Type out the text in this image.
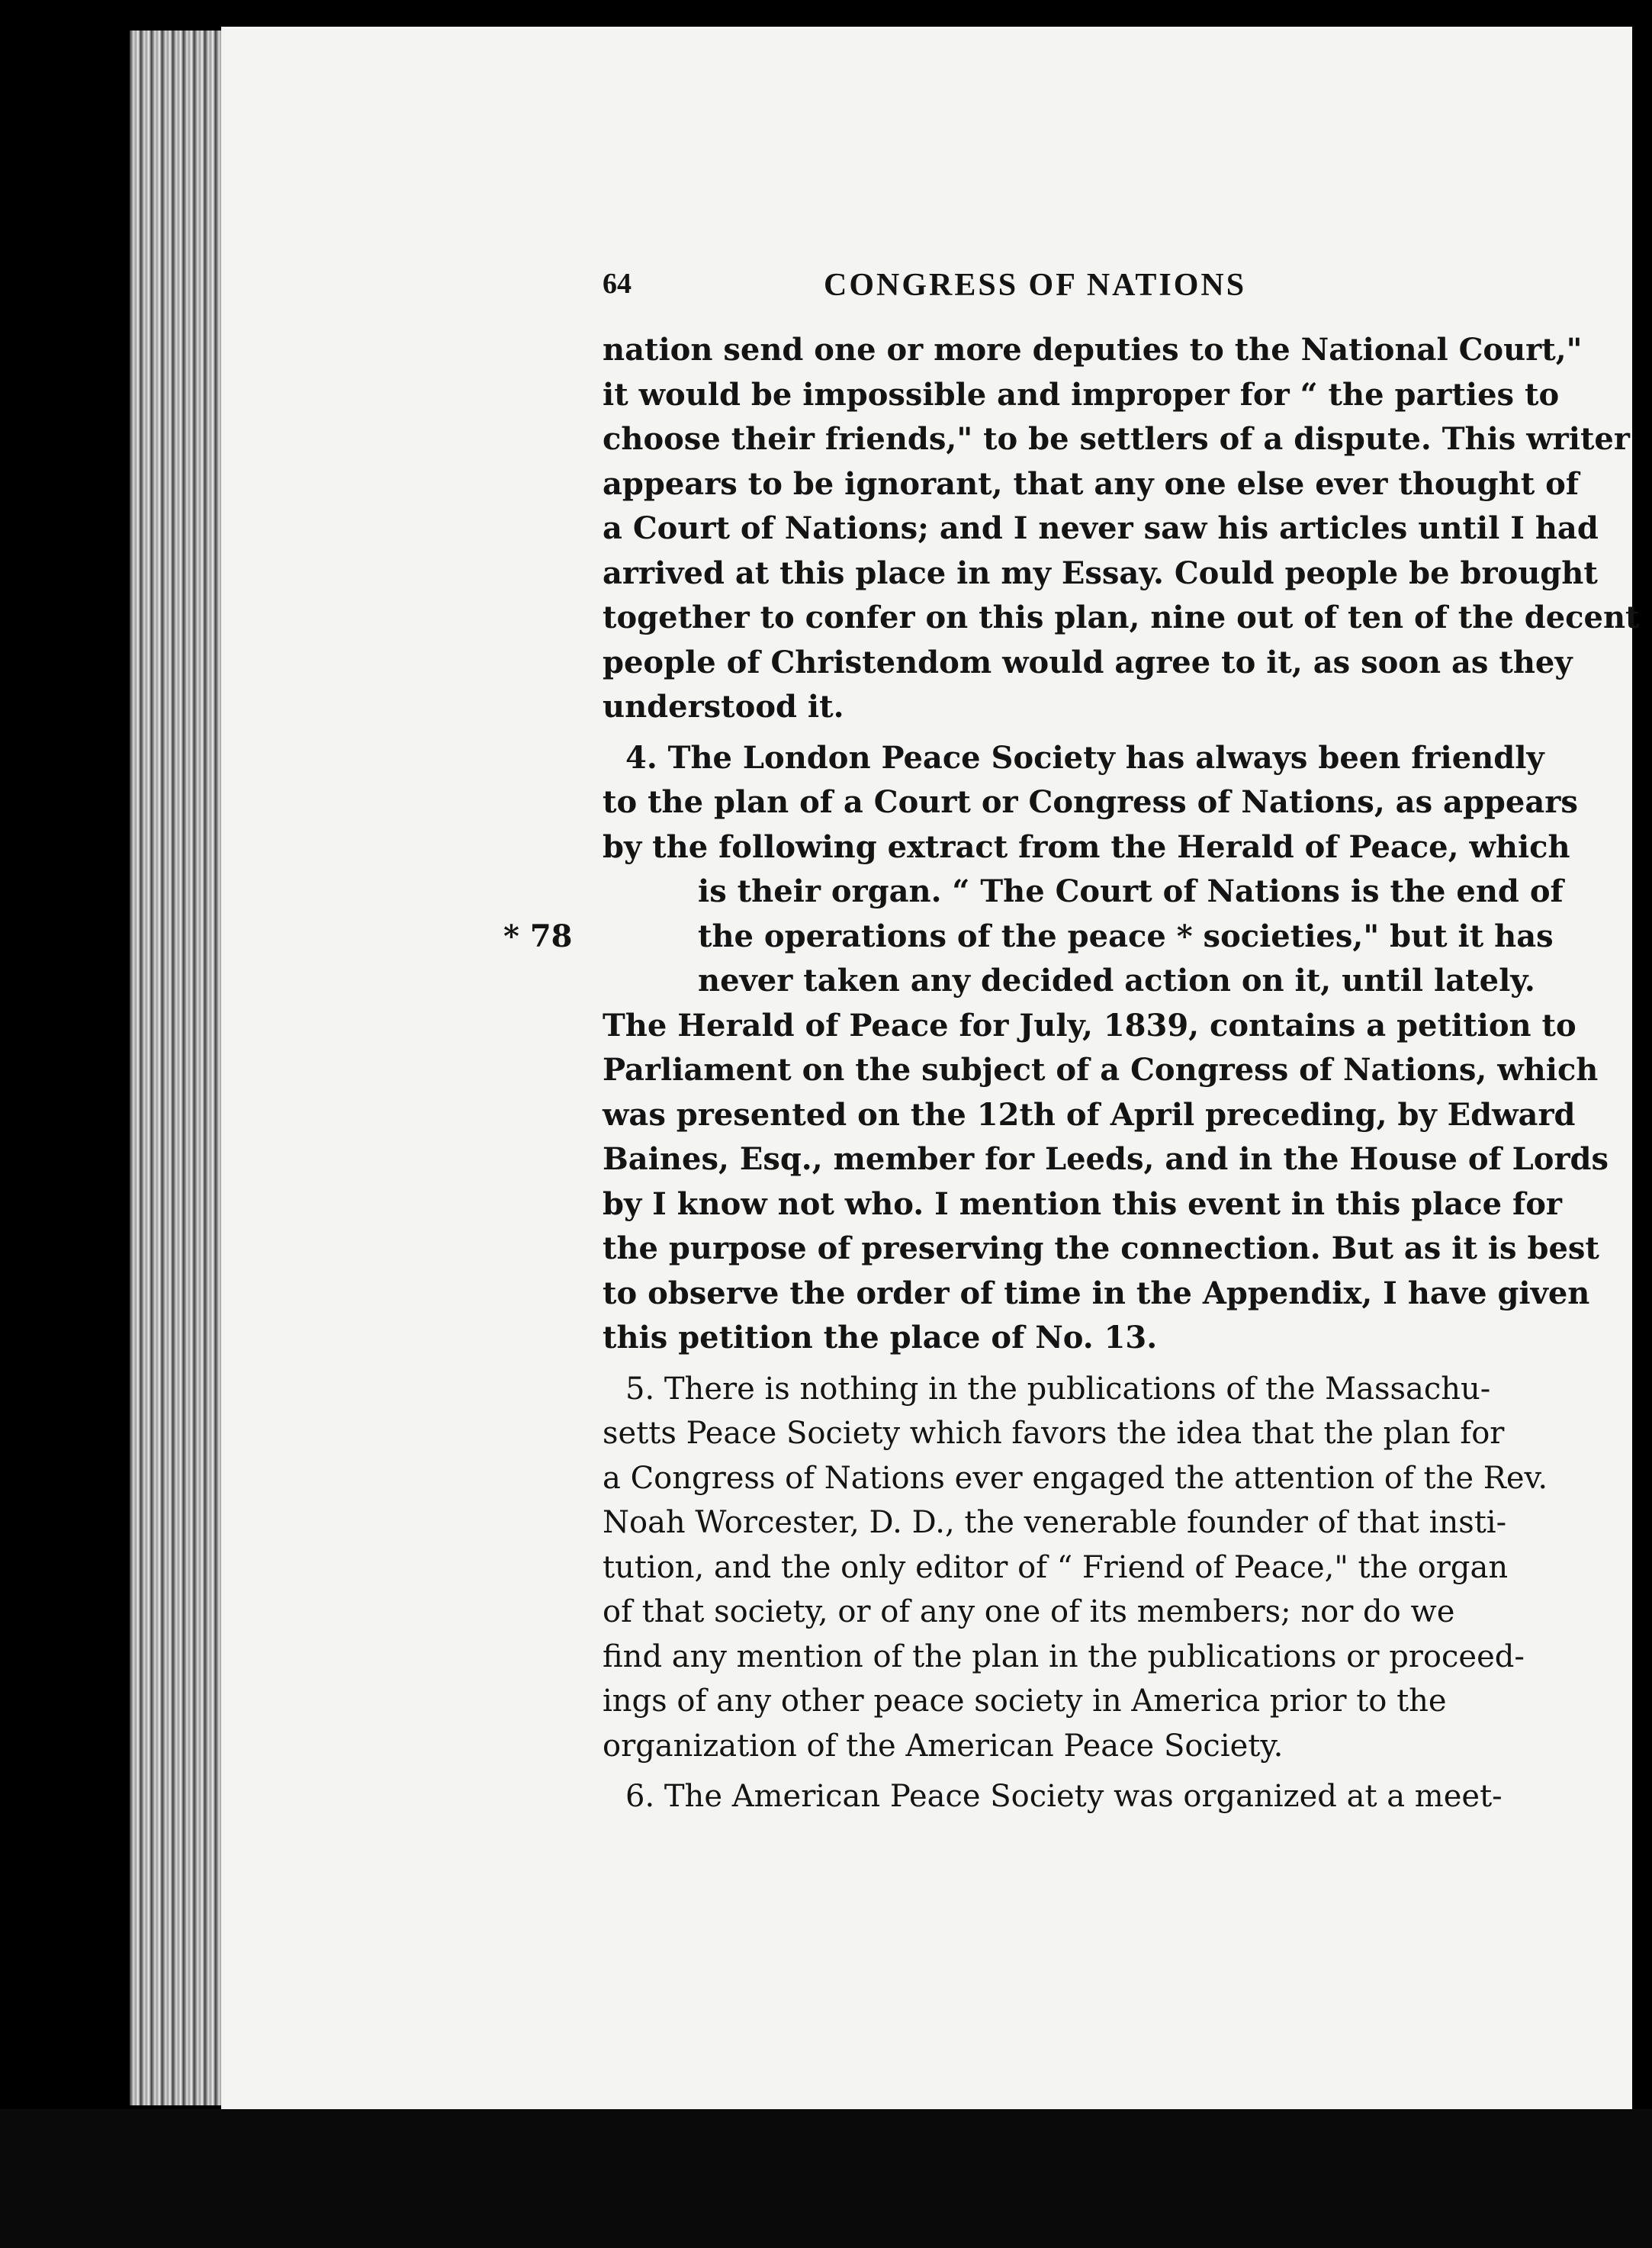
64	CONGRESS OF NATIONS
nation send one or more deputies to the National Court,"
it would be impossible and improper for “ the parties to
choose their friends," to be settlers of a dispute. This writer
appears to be ignorant, that any one else ever thought of
a Court of Nations; and I never saw his articles until I had
arrived at this place in my Essay. Could people be brought
together to confer on this plan, nine out of ten of the decent
people of Christendom would agree to it, as soon as they
understood it.
4. The London Peace Society has always been friendly
to the plan of a Court or Congress of Nations, as appears
by the following extract from the Herald of Peace, which
is their organ. “ The Court of Nations is the end of
* 78	the operations of the peace * societies," but it has
never taken any decided action on it, until lately.
The Herald of Peace for July, 1839, contains a petition to
Parliament on the subject of a Congress of Nations, which
was presented on the 12th of April preceding, by Edward
Baines, Esq., member for Leeds, and in the House of Lords
by I know not who. I mention this event in this place for
the purpose of preserving the connection. But as it is best
to observe the order of time in the Appendix, I have given
this petition the place of No. 13.
5. There is nothing in the publications of the Massachu-
setts Peace Society which favors the idea that the plan for
a Congress of Nations ever engaged the attention of the Rev.
Noah Worcester, D. D., the venerable founder of that insti-
tution, and the only editor of “ Friend of Peace," the organ
of that society, or of any one of its members; nor do we
find any mention of the plan in the publications or proceed-
ings of any other peace society in America prior to the
organization of the American Peace Society.
6. The American Peace Society was organized at a meet-
